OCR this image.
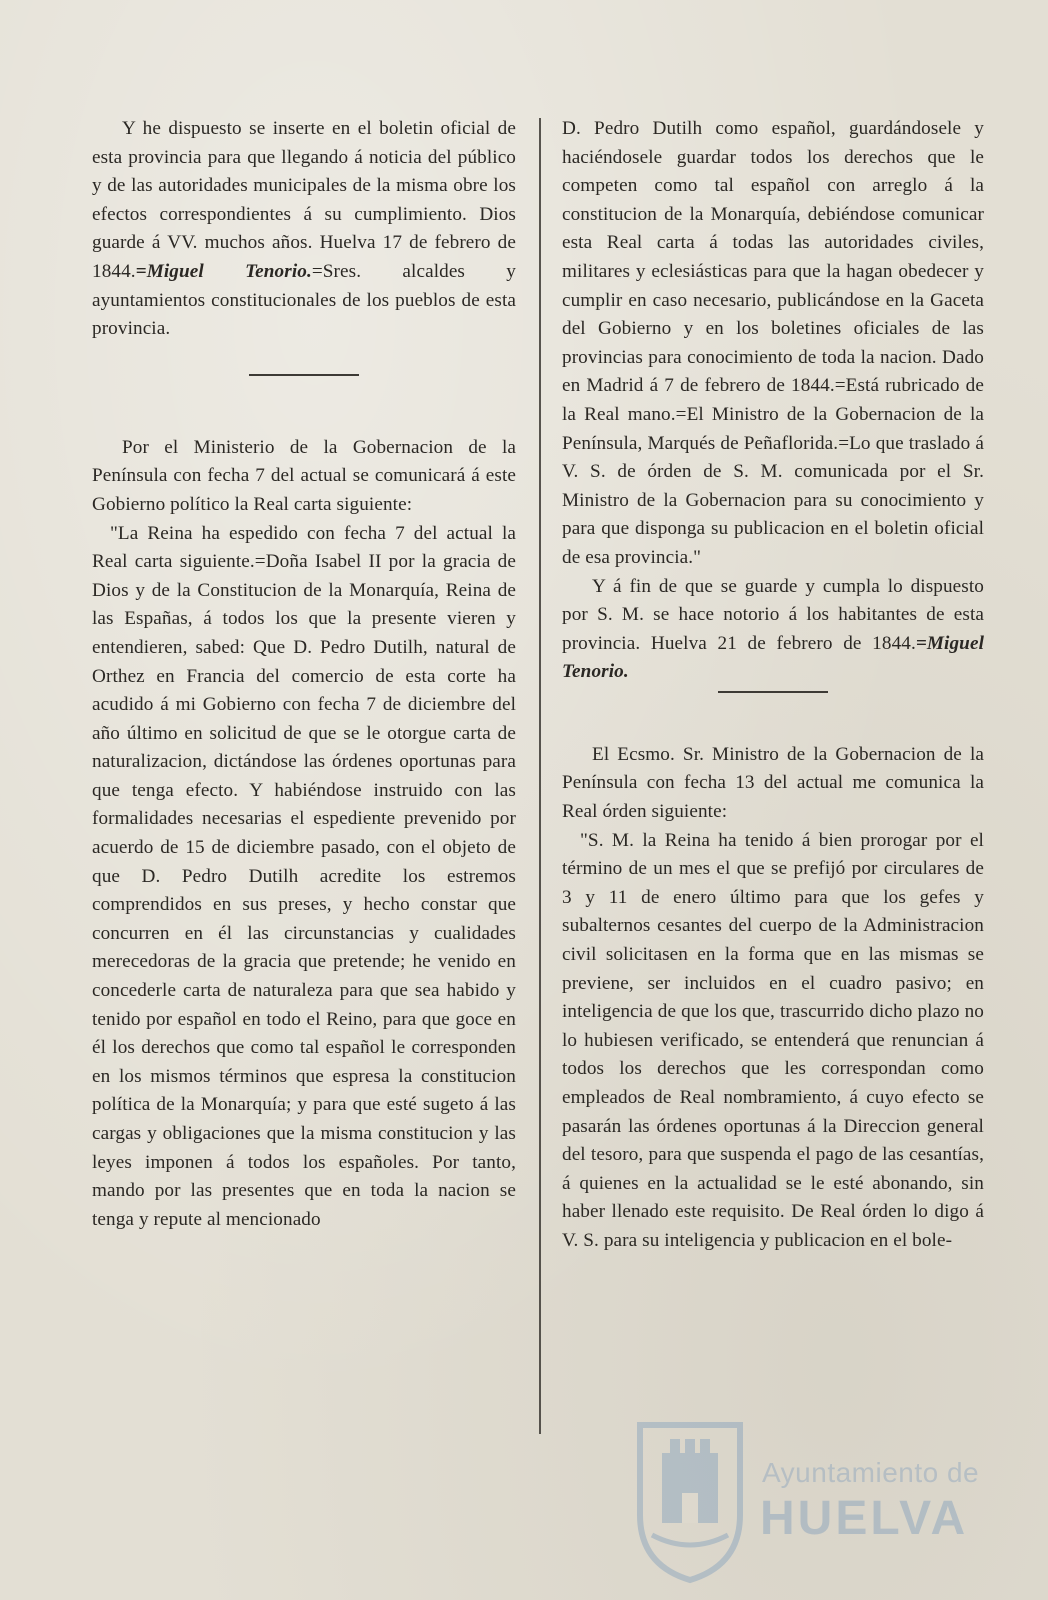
Y he dispuesto se inserte en el boletin oficial de esta provincia para que llegando á noticia del público y de las autoridades municipales de la misma obre los efectos correspondientes á su cumplimiento. Dios guarde á VV. muchos años. Huelva 17 de febrero de 1844.=Miguel Tenorio.=Sres. alcaldes y ayuntamientos constitucionales de los pueblos de esta provincia.

Por el Ministerio de la Gobernacion de la Península con fecha 7 del actual se comunicará á este Gobierno político la Real carta siguiente:

"La Reina ha espedido con fecha 7 del actual la Real carta siguiente.=Doña Isabel II por la gracia de Dios y de la Constitucion de la Monarquía, Reina de las Españas, á todos los que la presente vieren y entendieren, sabed: Que D. Pedro Dutilh, natural de Orthez en Francia del comercio de esta corte ha acudido á mi Gobierno con fecha 7 de diciembre del año último en solicitud de que se le otorgue carta de naturalizacion, dictándose las órdenes oportunas para que tenga efecto. Y habiéndose instruido con las formalidades necesarias el espediente prevenido por acuerdo de 15 de diciembre pasado, con el objeto de que D. Pedro Dutilh acredite los estremos comprendidos en sus preses, y hecho constar que concurren en él las circunstancias y cualidades merecedoras de la gracia que pretende; he venido en concederle carta de naturaleza para que sea habido y tenido por español en todo el Reino, para que goce en él los derechos que como tal español le corresponden en los mismos términos que espresa la constitucion política de la Monarquía; y para que esté sugeto á las cargas y obligaciones que la misma constitucion y las leyes imponen á todos los españoles. Por tanto, mando por las presentes que en toda la nacion se tenga y repute al mencionado

D. Pedro Dutilh como español, guardándosele y haciéndosele guardar todos los derechos que le competen como tal español con arreglo á la constitucion de la Monarquía, debiéndose comunicar esta Real carta á todas las autoridades civiles, militares y eclesiásticas para que la hagan obedecer y cumplir en caso necesario, publicándose en la Gaceta del Gobierno y en los boletines oficiales de las provincias para conocimiento de toda la nacion. Dado en Madrid á 7 de febrero de 1844.=Está rubricado de la Real mano.=El Ministro de la Gobernacion de la Península, Marqués de Peñaflorida.=Lo que traslado á V. S. de órden de S. M. comunicada por el Sr. Ministro de la Gobernacion para su conocimiento y para que disponga su publicacion en el boletin oficial de esa provincia."

Y á fin de que se guarde y cumpla lo dispuesto por S. M. se hace notorio á los habitantes de esta provincia. Huelva 21 de febrero de 1844.=Miguel Tenorio.

El Ecsmo. Sr. Ministro de la Gobernacion de la Península con fecha 13 del actual me comunica la Real órden siguiente:

"S. M. la Reina ha tenido á bien prorogar por el término de un mes el que se prefijó por circulares de 3 y 11 de enero último para que los gefes y subalternos cesantes del cuerpo de la Administracion civil solicitasen en la forma que en las mismas se previene, ser incluidos en el cuadro pasivo; en inteligencia de que los que, trascurrido dicho plazo no lo hubiesen verificado, se entenderá que renuncian á todos los derechos que les correspondan como empleados de Real nombramiento, á cuyo efecto se pasarán las órdenes oportunas á la Direccion general del tesoro, para que suspenda el pago de las cesantías, á quienes en la actualidad se le esté abonando, sin haber llenado este requisito. De Real órden lo digo á V. S. para su inteligencia y publicacion en el bole-

Ayuntamiento de
HUELVA
